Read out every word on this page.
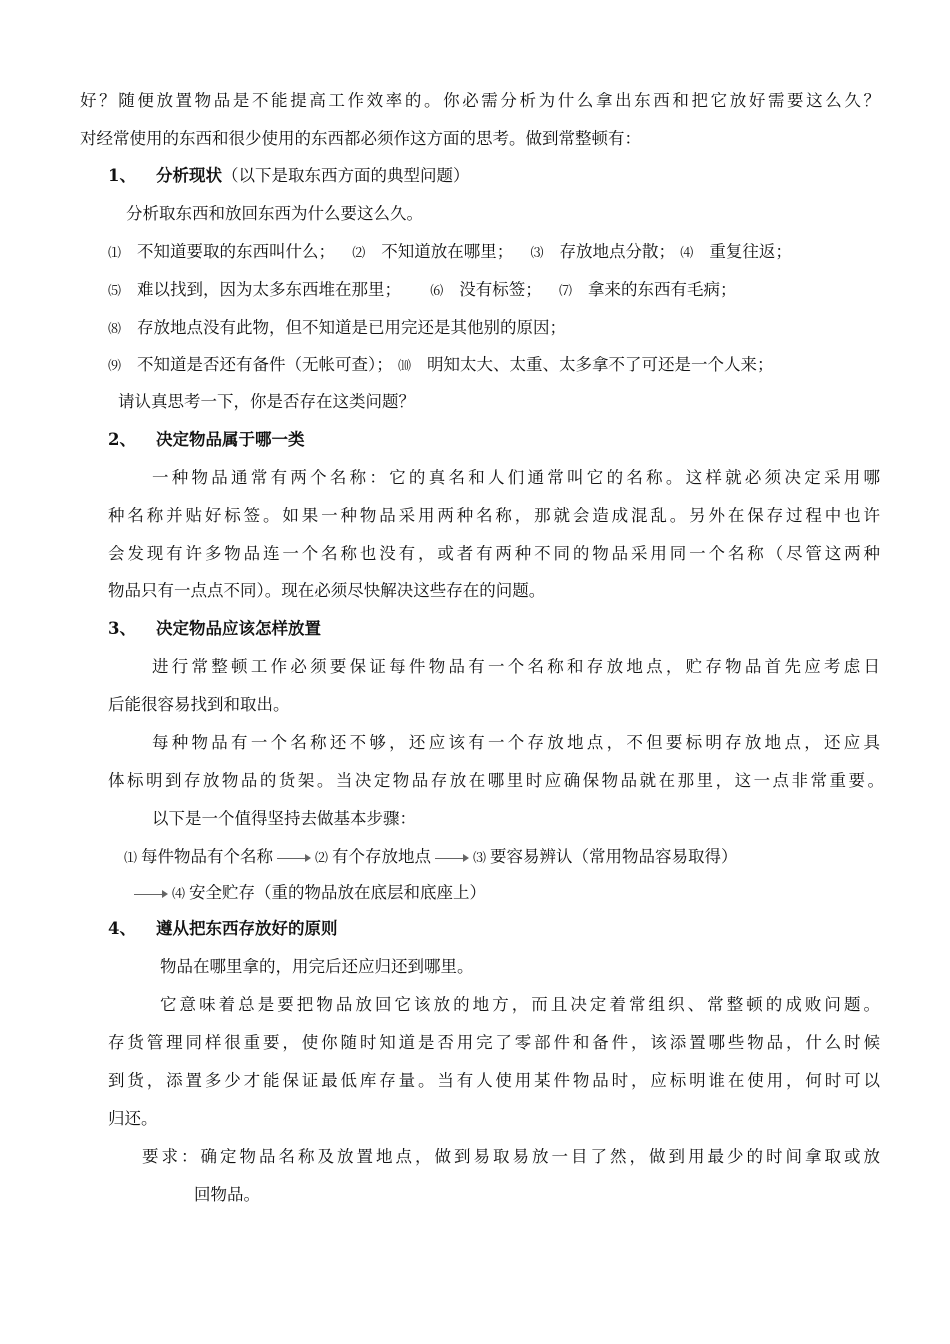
好？随便放置物品是不能提高工作效率的。你必需分析为什么拿出东西和把它放好需要这么久？
对经常使用的东西和很少使用的东西都必须作这方面的思考。做到常整顿有：
1、 分析现状（以下是取东西方面的典型问题）
分析取东西和放回东西为什么要这么久。
⑴ 不知道要取的东西叫什么； ⑵ 不知道放在哪里； ⑶ 存放地点分散； ⑷ 重复往返；
⑸ 难以找到，因为太多东西堆在那里； ⑹ 没有标签； ⑺ 拿来的东西有毛病；
⑻ 存放地点没有此物，但不知道是已用完还是其他别的原因；
⑼ 不知道是否还有备件（无帐可查）； ⑽ 明知太大、太重、太多拿不了可还是一个人来；
请认真思考一下，你是否存在这类问题？
2、 决定物品属于哪一类
一种物品通常有两个名称：它的真名和人们通常叫它的名称。这样就必须决定采用哪
种名称并贴好标签。如果一种物品采用两种名称，那就会造成混乱。另外在保存过程中也许
会发现有许多物品连一个名称也没有，或者有两种不同的物品采用同一个名称（尽管这两种
物品只有一点点不同）。现在必须尽快解决这些存在的问题。
3、 决定物品应该怎样放置
进行常整顿工作必须要保证每件物品有一个名称和存放地点，贮存物品首先应考虑日
后能很容易找到和取出。
每种物品有一个名称还不够，还应该有一个存放地点，不但要标明存放地点，还应具
体标明到存放物品的货架。当决定物品存放在哪里时应确保物品就在那里，这一点非常重要。
以下是一个值得坚持去做基本步骤：
⑴ 每件物品有个名称	⑵ 有个存放地点	⑶ 要容易辨认（常用物品容易取得）
⑷ 安全贮存（重的物品放在底层和底座上）
4、 遵从把东西存放好的原则
物品在哪里拿的，用完后还应归还到哪里。
它意味着总是要把物品放回它该放的地方，而且决定着常组织、常整顿的成败问题。
存货管理同样很重要，使你随时知道是否用完了零部件和备件，该添置哪些物品，什么时候
到货，添置多少才能保证最低库存量。当有人使用某件物品时，应标明谁在使用，何时可以
归还。
要求：确定物品名称及放置地点，做到易取易放一目了然，做到用最少的时间拿取或放
回物品。
